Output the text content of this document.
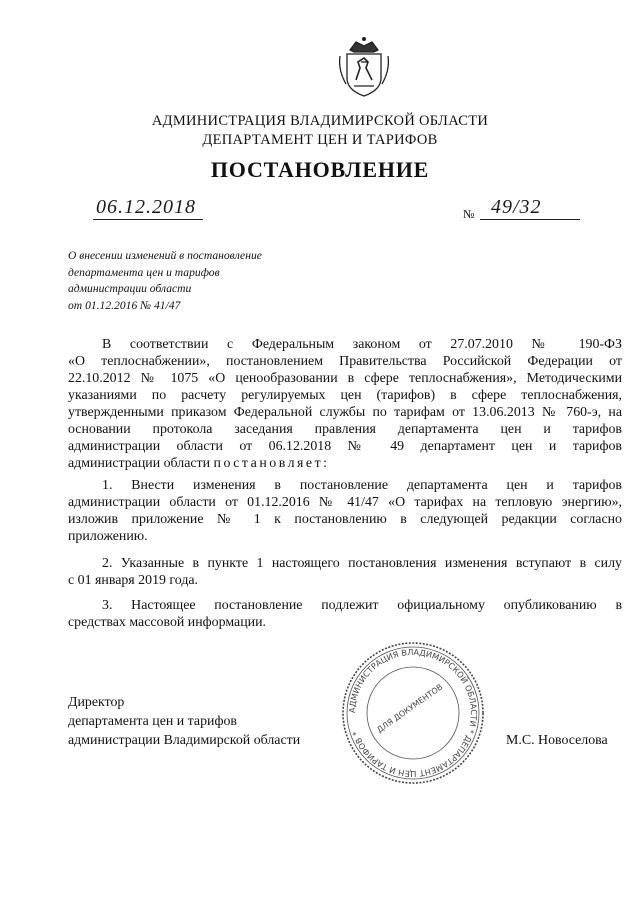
АДМИНИСТРАЦИЯ ВЛАДИМИРСКОЙ ОБЛАСТИ
ДЕПАРТАМЕНТ ЦЕН И ТАРИФОВ
ПОСТАНОВЛЕНИЕ
06.12.2018	№ 49/32
О внесении изменений в постановление
департамента цен и тарифов
администрации области
от 01.12.2016 № 41/47
В соответствии с Федеральным законом от 27.07.2010 № 190-ФЗ
«О теплоснабжении», постановлением Правительства Российской Федерации от
22.10.2012 № 1075 «О ценообразовании в сфере теплоснабжения», Методическими
указаниями по расчету регулируемых цен (тарифов) в сфере теплоснабжения,
утвержденными приказом Федеральной службы по тарифам от 13.06.2013 № 760-э, на
основании протокола заседания правления департамента цен и тарифов
администрации области от 06.12.2018 № 49 департамент цен и тарифов
администрации области постановляет:
1. Внести изменения в постановление департамента цен и тарифов
администрации области от 01.12.2016 № 41/47 «О тарифах на тепловую энергию»,
изложив приложение № 1 к постановлению в следующей редакции согласно
приложению.
2. Указанные в пункте 1 настоящего постановления изменения вступают в силу
с 01 января 2019 года.
3. Настоящее постановление подлежит официальному опубликованию в
средствах массовой информации.
Директор
департамента цен и тарифов
администрации Владимирской области	М.С. Новоселова
АДМИНИСТРАЦИЯ ВЛАДИМИРСКОЙ ОБЛАСТИ * ДЕПАРТАМЕНТ ЦЕН И ТАРИФОВ *	ДЛЯ ДОКУМЕНТОВ
